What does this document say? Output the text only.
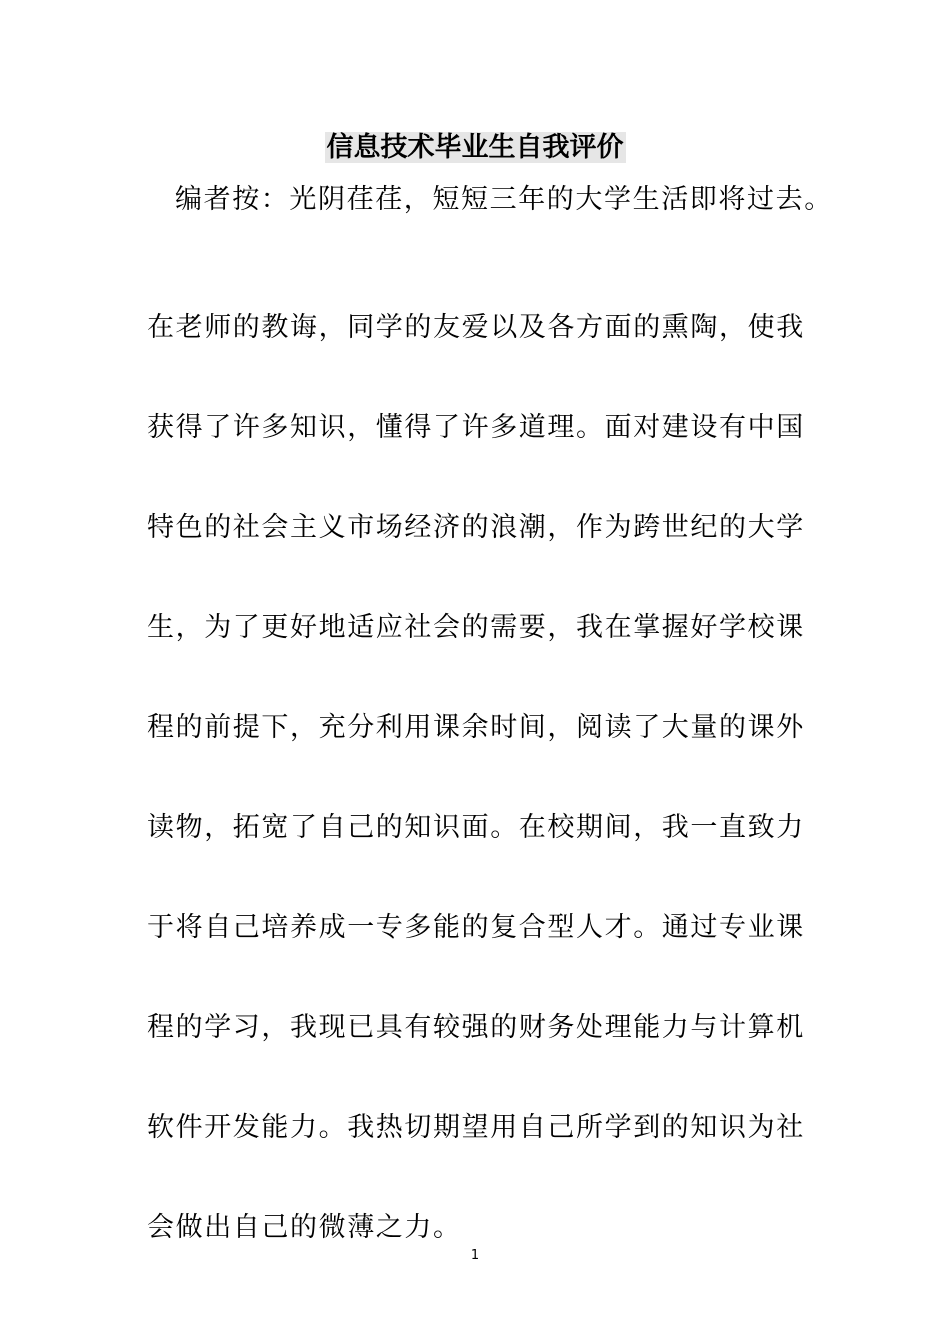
信息技术毕业生自我评价
编者按：光阴荏荏，短短三年的大学生活即将过去。
在老师的教诲，同学的友爱以及各方面的熏陶，使我
获得了许多知识，懂得了许多道理。面对建设有中国
特色的社会主义市场经济的浪潮，作为跨世纪的大学
生，为了更好地适应社会的需要，我在掌握好学校课
程的前提下，充分利用课余时间，阅读了大量的课外
读物，拓宽了自己的知识面。在校期间，我一直致力
于将自己培养成一专多能的复合型人才。通过专业课
程的学习，我现已具有较强的财务处理能力与计算机
软件开发能力。我热切期望用自己所学到的知识为社
会做出自己的微薄之力。
1
